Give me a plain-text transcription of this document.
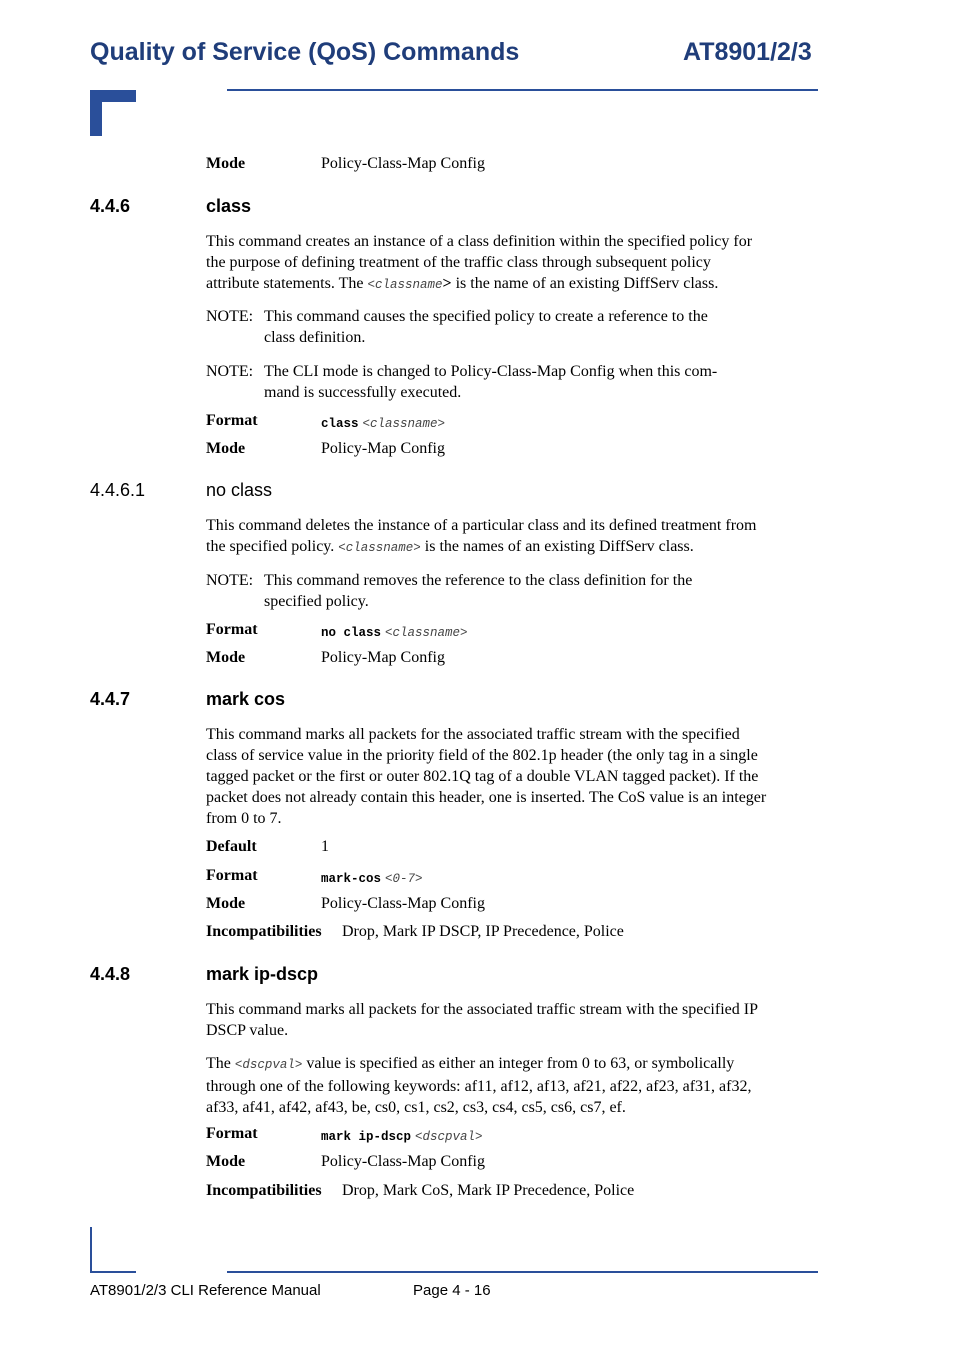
Quality of Service (QoS) Commands	AT8901/2/3
Mode	Policy-Class-Map Config
4.4.6	class
This command creates an instance of a class definition within the specified policy for
the purpose of defining treatment of the traffic class through subsequent policy
attribute statements. The <classname> is the name of an existing DiffServ class.
NOTE: This command causes the specified policy to create a reference to the
class definition.
NOTE: The CLI mode is changed to Policy-Class-Map Config when this com-
mand is successfully executed.
Format	class <classname>
Mode	Policy-Map Config
4.4.6.1	no class
This command deletes the instance of a particular class and its defined treatment from
the specified policy. <classname> is the names of an existing DiffServ class.
NOTE: This command removes the reference to the class definition for the
specified policy.
Format	no class <classname>
Mode	Policy-Map Config
4.4.7	mark cos
This command marks all packets for the associated traffic stream with the specified
class of service value in the priority field of the 802.1p header (the only tag in a single
tagged packet or the first or outer 802.1Q tag of a double VLAN tagged packet). If the
packet does not already contain this header, one is inserted. The CoS value is an integer
from 0 to 7.
Default	1
Format	mark-cos <0-7>
Mode	Policy-Class-Map Config
Incompatibilities Drop, Mark IP DSCP, IP Precedence, Police
4.4.8	mark ip-dscp
This command marks all packets for the associated traffic stream with the specified IP
DSCP value.
The <dscpval> value is specified as either an integer from 0 to 63, or symbolically
through one of the following keywords: af11, af12, af13, af21, af22, af23, af31, af32,
af33, af41, af42, af43, be, cs0, cs1, cs2, cs3, cs4, cs5, cs6, cs7, ef.
Format	mark ip-dscp <dscpval>
Mode	Policy-Class-Map Config
Incompatibilities Drop, Mark CoS, Mark IP Precedence, Police
AT8901/2/3 CLI Reference Manual	Page 4 - 16
